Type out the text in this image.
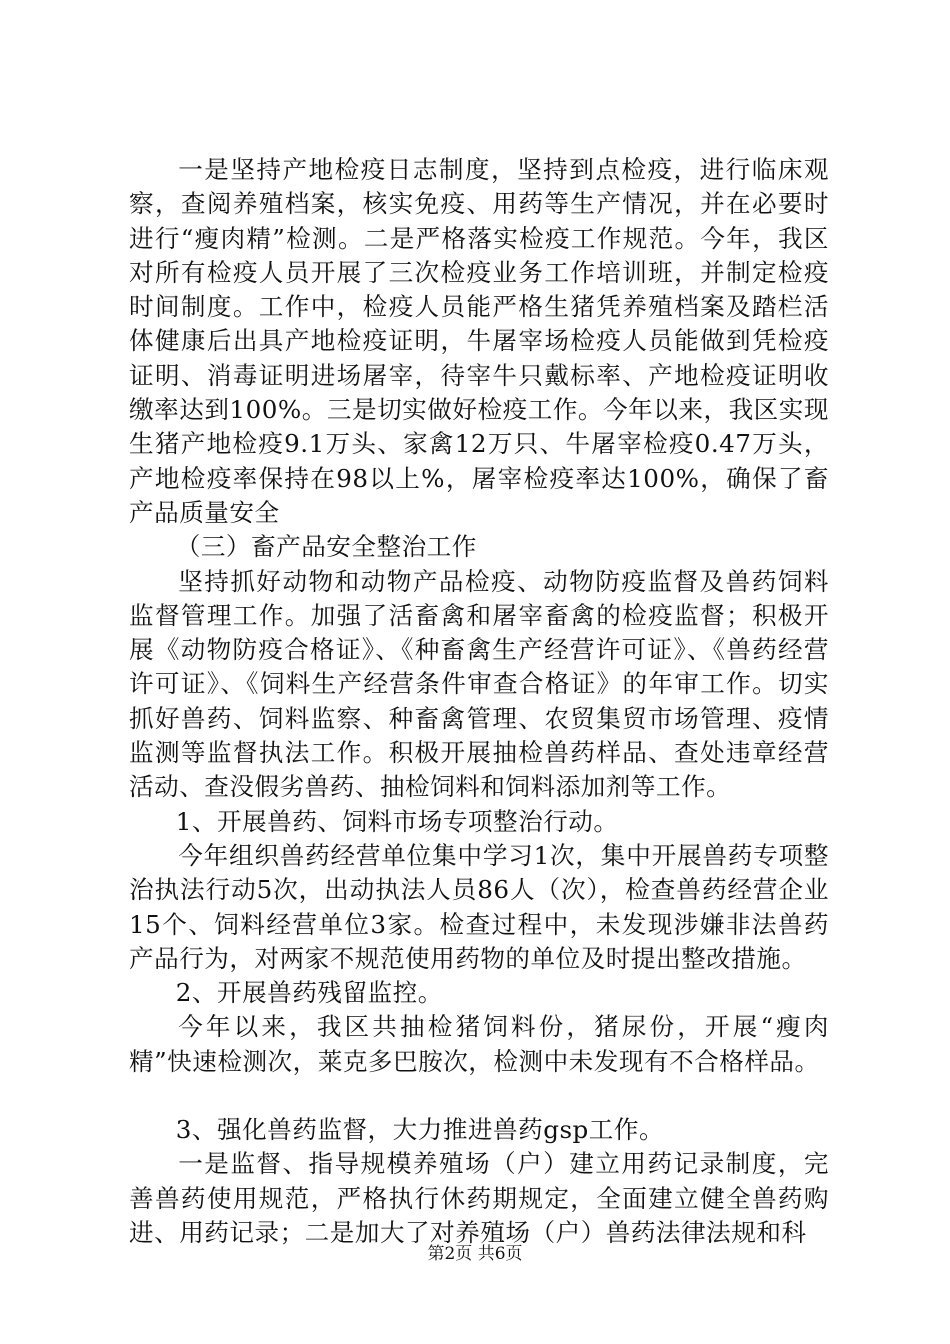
一是坚持产地检疫日志制度，坚持到点检疫，进行临床观察，查阅养殖档案，核实免疫、用药等生产情况，并在必要时进行“瘦肉精”检测。二是严格落实检疫工作规范。今年，我区对所有检疫人员开展了三次检疫业务工作培训班，并制定检疫时间制度。工作中，检疫人员能严格生猪凭养殖档案及踏栏活体健康后出具产地检疫证明，牛屠宰场检疫人员能做到凭检疫证明、消毒证明进场屠宰，待宰牛只戴标率、产地检疫证明收缴率达到100%。三是切实做好检疫工作。今年以来，我区实现生猪产地检疫9.1万头、家禽12万只、牛屠宰检疫0.47万头，产地检疫率保持在98以上%，屠宰检疫率达100%，确保了畜产品质量安全

（三）畜产品安全整治工作

坚持抓好动物和动物产品检疫、动物防疫监督及兽药饲料监督管理工作。加强了活畜禽和屠宰畜禽的检疫监督；积极开展《动物防疫合格证》、《种畜禽生产经营许可证》、《兽药经营许可证》、《饲料生产经营条件审查合格证》的年审工作。切实抓好兽药、饲料监察、种畜禽管理、农贸集贸市场管理、疫情监测等监督执法工作。积极开展抽检兽药样品、查处违章经营活动、查没假劣兽药、抽检饲料和饲料添加剂等工作。

1、开展兽药、饲料市场专项整治行动。

今年组织兽药经营单位集中学习1次，集中开展兽药专项整治执法行动5次，出动执法人员86人（次），检查兽药经营企业15个、饲料经营单位3家。检查过程中，未发现涉嫌非法兽药产品行为，对两家不规范使用药物的单位及时提出整改措施。

2、开展兽药残留监控。

今年以来，我区共抽检猪饲料份，猪尿份，开展“瘦肉精”快速检测次，莱克多巴胺次，检测中未发现有不合格样品。

3、强化兽药监督，大力推进兽药gsp工作。

一是监督、指导规模养殖场（户）建立用药记录制度，完善兽药使用规范，严格执行休药期规定，全面建立健全兽药购进、用药记录；二是加大了对养殖场（户）兽药法律法规和科

第2页 共6页
